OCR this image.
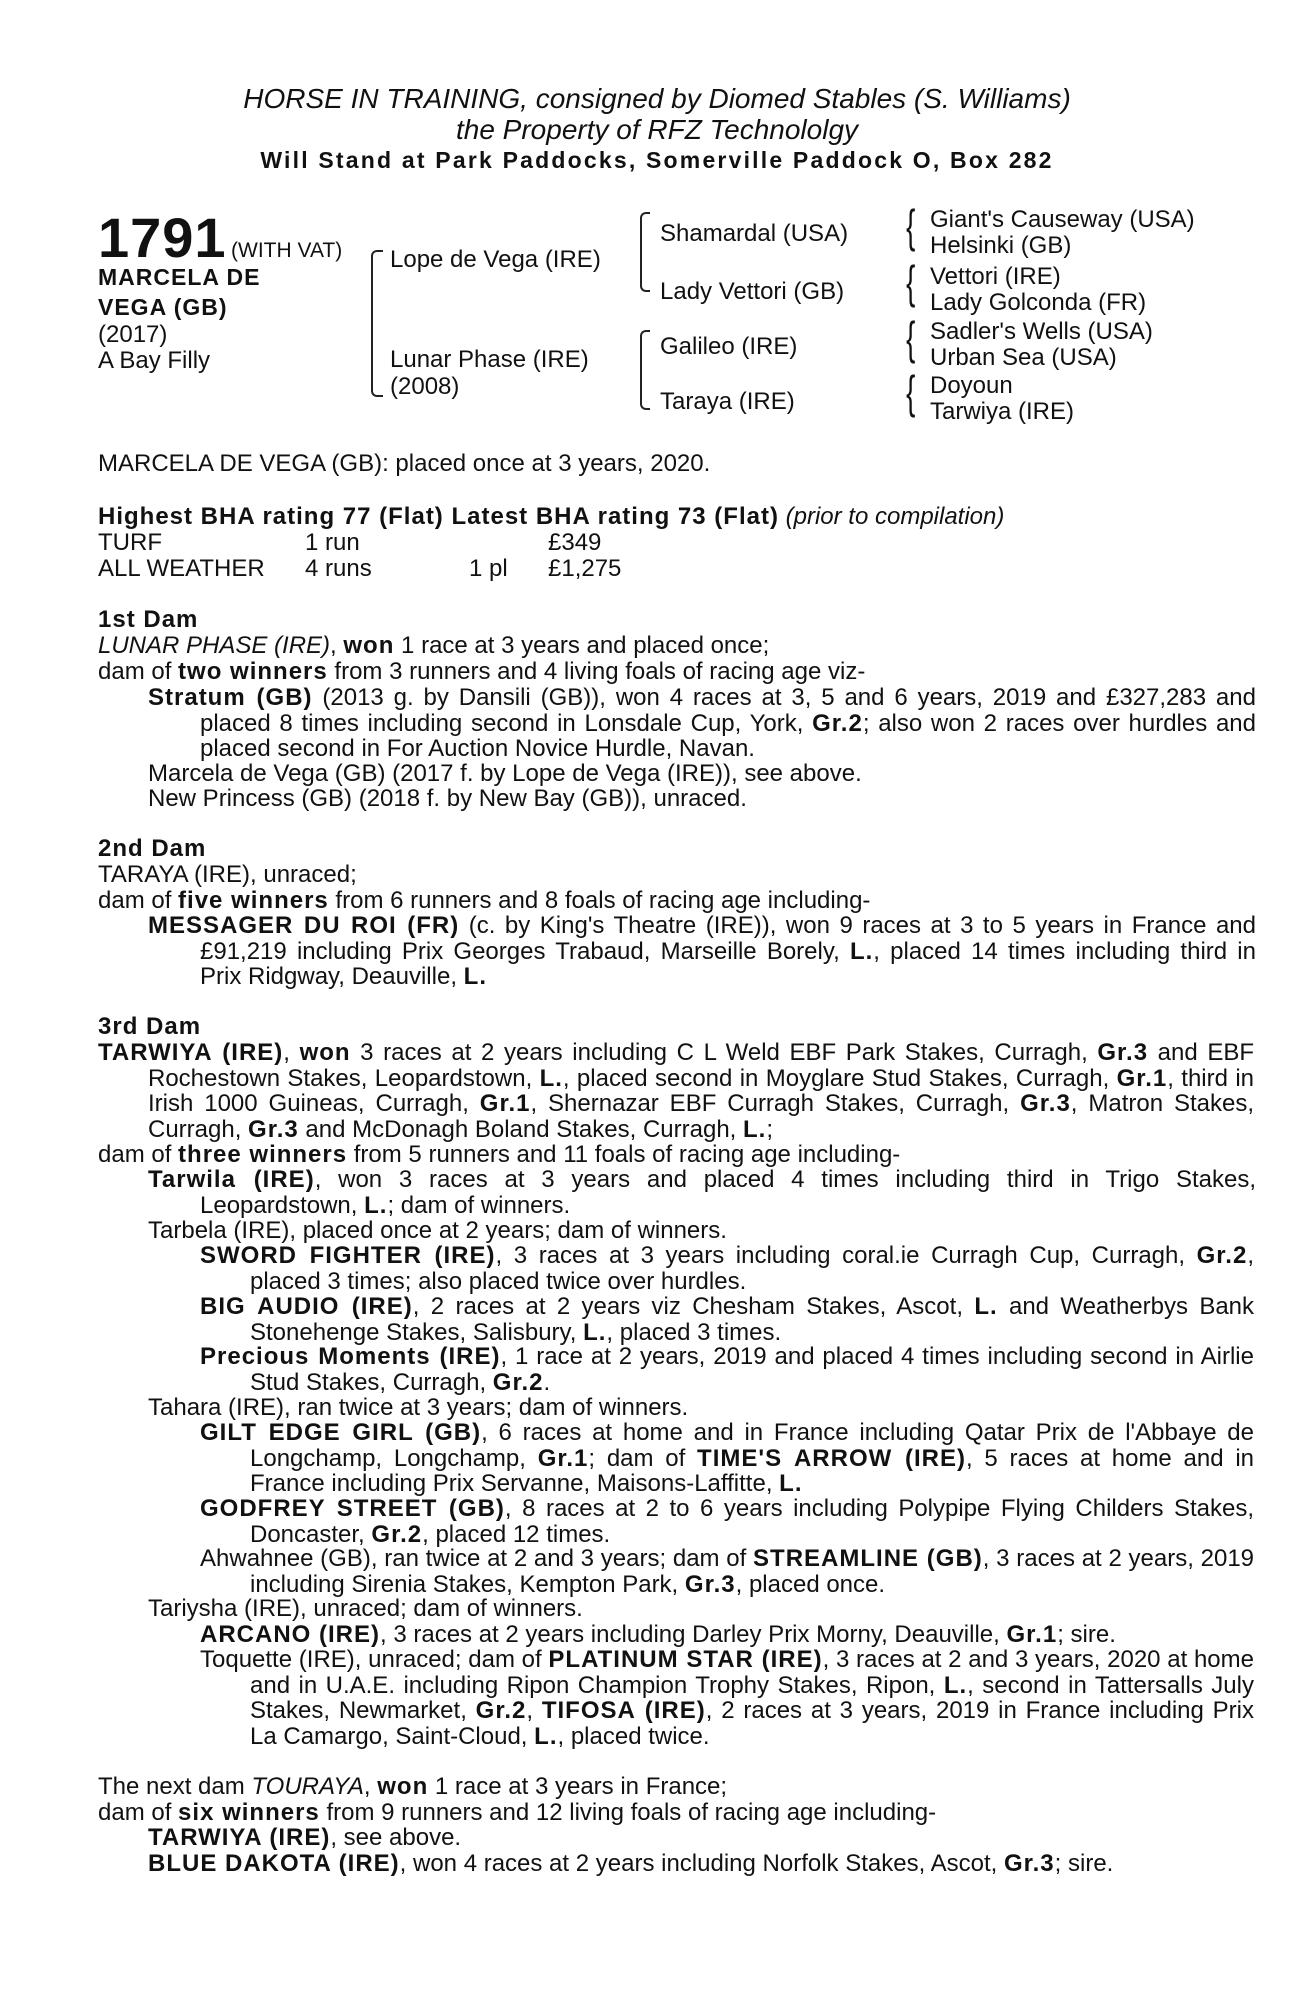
HORSE IN TRAINING, consigned by Diomed Stables (S. Williams)
the Property of RFZ Technololgy
Will Stand at Park Paddocks, Somerville Paddock O, Box 282
1791 (WITH VAT)
MARCELA DE
VEGA (GB)
(2017)
A Bay Filly
{
{
{
{
Lope de Vega (IRE)
Lunar Phase (IRE)
(2008)
Shamardal (USA)
Lady Vettori (GB)
Galileo (IRE)
Taraya (IRE)
Giant's Causeway (USA)
Helsinki (GB)
Vettori (IRE)
Lady Golconda (FR)
Sadler's Wells (USA)
Urban Sea (USA)
Doyoun
Tarwiya (IRE)
MARCELA DE VEGA (GB): placed once at 3 years, 2020.
Highest BHA rating 77 (Flat) Latest BHA rating 73 (Flat) (prior to compilation)
TURF	1 run	£349
ALL WEATHER 4 runs	1 pl £1,275
1st Dam
LUNAR PHASE (IRE), won 1 race at 3 years and placed once;
dam of two winners from 3 runners and 4 living foals of racing age viz-
Stratum (GB) (2013 g. by Dansili (GB)), won 4 races at 3, 5 and 6 years, 2019 and £327,283 and placed 8 times including second in Lonsdale Cup, York, Gr.2; also won 2 races over hurdles and placed second in For Auction Novice Hurdle, Navan.
Marcela de Vega (GB) (2017 f. by Lope de Vega (IRE)), see above.
New Princess (GB) (2018 f. by New Bay (GB)), unraced.
2nd Dam
TARAYA (IRE), unraced;
dam of five winners from 6 runners and 8 foals of racing age including-
MESSAGER DU ROI (FR) (c. by King's Theatre (IRE)), won 9 races at 3 to 5 years in France and £91,219 including Prix Georges Trabaud, Marseille Borely, L., placed 14 times including third in Prix Ridgway, Deauville, L.
3rd Dam
TARWIYA (IRE), won 3 races at 2 years including C L Weld EBF Park Stakes, Curragh, Gr.3 and EBF Rochestown Stakes, Leopardstown, L., placed second in Moyglare Stud Stakes, Curragh, Gr.1, third in Irish 1000 Guineas, Curragh, Gr.1, Shernazar EBF Curragh Stakes, Curragh, Gr.3, Matron Stakes, Curragh, Gr.3 and McDonagh Boland Stakes, Curragh, L.;
dam of three winners from 5 runners and 11 foals of racing age including-
Tarwila (IRE), won 3 races at 3 years and placed 4 times including third in Trigo Stakes, Leopardstown, L.; dam of winners.
Tarbela (IRE), placed once at 2 years; dam of winners.
SWORD FIGHTER (IRE), 3 races at 3 years including coral.ie Curragh Cup, Curragh, Gr.2, placed 3 times; also placed twice over hurdles.
BIG AUDIO (IRE), 2 races at 2 years viz Chesham Stakes, Ascot, L. and Weatherbys Bank Stonehenge Stakes, Salisbury, L., placed 3 times.
Precious Moments (IRE), 1 race at 2 years, 2019 and placed 4 times including second in Airlie Stud Stakes, Curragh, Gr.2.
Tahara (IRE), ran twice at 3 years; dam of winners.
GILT EDGE GIRL (GB), 6 races at home and in France including Qatar Prix de l'Abbaye de Longchamp, Longchamp, Gr.1; dam of TIME'S ARROW (IRE), 5 races at home and in France including Prix Servanne, Maisons-Laffitte, L.
GODFREY STREET (GB), 8 races at 2 to 6 years including Polypipe Flying Childers Stakes, Doncaster, Gr.2, placed 12 times.
Ahwahnee (GB), ran twice at 2 and 3 years; dam of STREAMLINE (GB), 3 races at 2 years, 2019 including Sirenia Stakes, Kempton Park, Gr.3, placed once.
Tariysha (IRE), unraced; dam of winners.
ARCANO (IRE), 3 races at 2 years including Darley Prix Morny, Deauville, Gr.1; sire.
Toquette (IRE), unraced; dam of PLATINUM STAR (IRE), 3 races at 2 and 3 years, 2020 at home and in U.A.E. including Ripon Champion Trophy Stakes, Ripon, L., second in Tattersalls July Stakes, Newmarket, Gr.2, TIFOSA (IRE), 2 races at 3 years, 2019 in France including Prix La Camargo, Saint-Cloud, L., placed twice.
The next dam TOURAYA, won 1 race at 3 years in France;
dam of six winners from 9 runners and 12 living foals of racing age including-
TARWIYA (IRE), see above.
BLUE DAKOTA (IRE), won 4 races at 2 years including Norfolk Stakes, Ascot, Gr.3; sire.
